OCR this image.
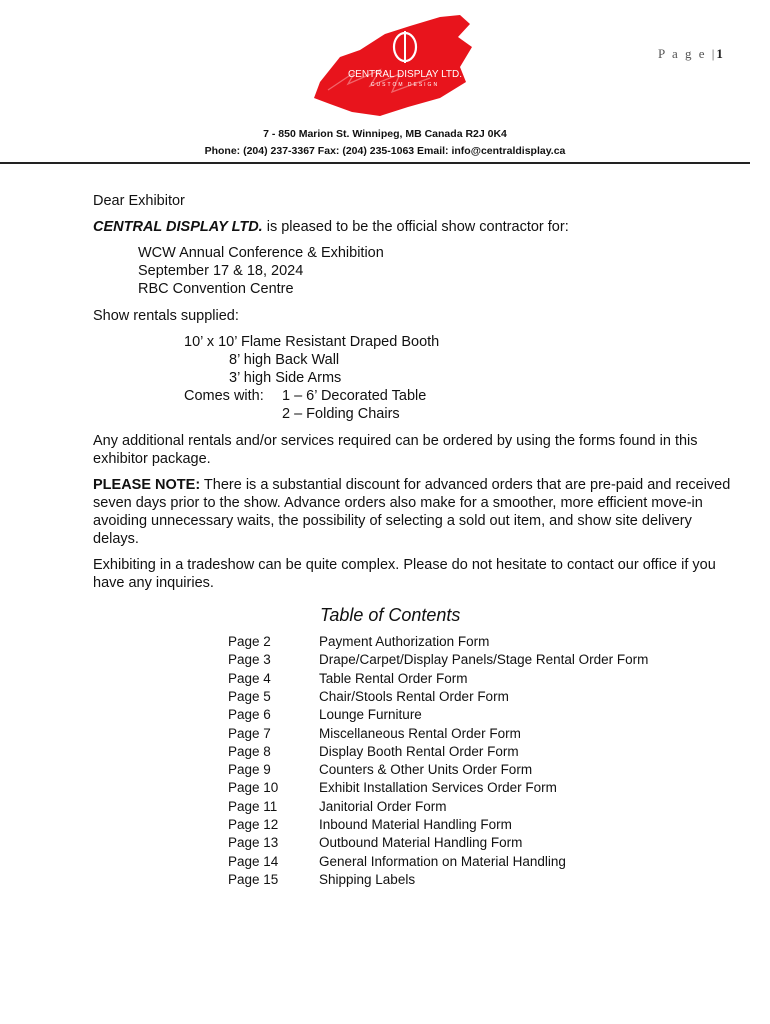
CENTRAL DISPLAY LTD.
CUSTOM DESIGN
P a g e |1
7 - 850 Marion St. Winnipeg, MB Canada R2J 0K4
Phone: (204) 237-3367 Fax: (204) 235-1063 Email: info@centraldisplay.ca
Dear Exhibitor
CENTRAL DISPLAY LTD. is pleased to be the official show contractor for:
WCW Annual Conference & Exhibition
September 17 & 18, 2024
RBC Convention Centre
Show rentals supplied:
10’ x 10’ Flame Resistant Draped Booth
8’ high Back Wall
3’ high Side Arms
Comes with: 1 – 6’ Decorated Table
2 – Folding Chairs
Any additional rentals and/or services required can be ordered by using the forms found in this exhibitor package.
PLEASE NOTE: There is a substantial discount for advanced orders that are pre-paid and received seven days prior to the show. Advance orders also make for a smoother, more efficient move-in avoiding unnecessary waits, the possibility of selecting a sold out item, and show site delivery delays.
Exhibiting in a tradeshow can be quite complex. Please do not hesitate to contact our office if you have any inquiries.
Table of Contents
Page 2	Payment Authorization Form
Page 3	Drape/Carpet/Display Panels/Stage Rental Order Form
Page 4	Table Rental Order Form
Page 5	Chair/Stools Rental Order Form
Page 6	Lounge Furniture
Page 7	Miscellaneous Rental Order Form
Page 8	Display Booth Rental Order Form
Page 9	Counters & Other Units Order Form
Page 10	Exhibit Installation Services Order Form
Page 11	Janitorial Order Form
Page 12	Inbound Material Handling Form
Page 13	Outbound Material Handling Form
Page 14	General Information on Material Handling
Page 15	Shipping Labels
